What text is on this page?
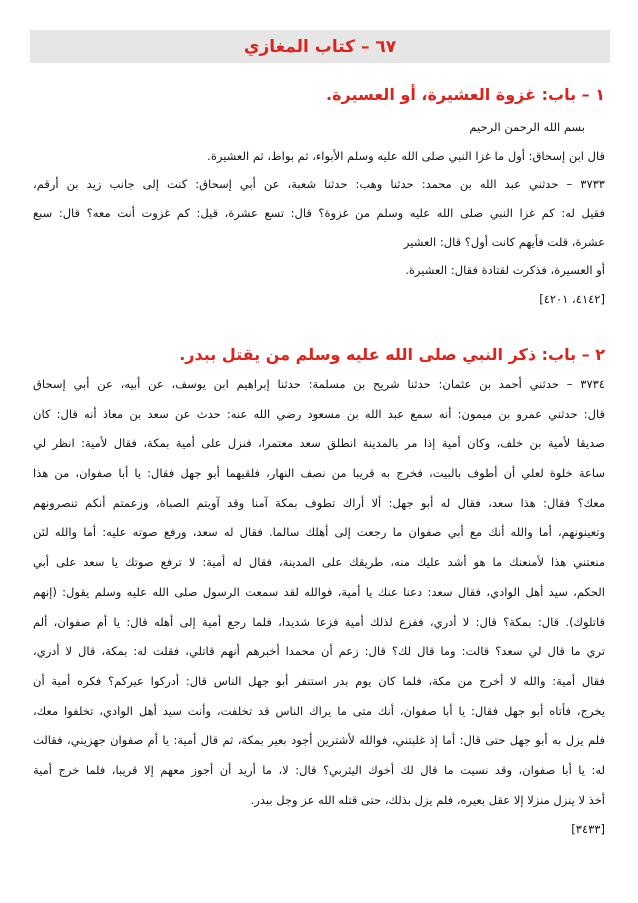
٦٧ – كتاب المغازي
١ – باب: غزوة العشيرة، أو العسيرة.
بسم الله الرحمن الرحيم
قال ابن إسحاق: أول ما غزا النبي صلى الله عليه وسلم الأبواء، ثم بواط، ثم العشيرة.
٣٧٣٣ – حدثني عبد الله بن محمد: حدثنا وهب: حدثنا شعبة، عن أبي إسحاق: كنت إلى جانب زيد بن أرقم،
فقيل له: كم غزا النبي صلى الله عليه وسلم من غزوة؟ قال: تسع عشرة، قيل: كم غزوت أنت معه؟ قال: سبع
عشرة، قلت فأيهم كانت أول؟ قال: العشير
أو العسيرة، فذكرت لقتادة فقال: العشيرة.
[٤١٤٢، ٤٢٠١]
٢ – باب: ذكر النبي صلى الله عليه وسلم من يقتل ببدر.
٣٧٣٤ – حدثني أحمد بن عثمان: حدثنا شريح بن مسلمة: حدثنا إبراهيم ابن يوسف، عن أبيه، عن أبي إسحاق
قال: حدثني عمرو بن ميمون: أنه سمع عبد الله بن مسعود رضي الله عنه: حدث عن سعد بن معاذ أنه قال: كان
صديقا لأمية بن خلف، وكان أمية إذا مر بالمدينة انطلق سعد معتمرا، فنزل على أمية بمكة، فقال لأمية: انظر لي
ساعة خلوة لعلي أن أطوف بالبيت، فخرج به قريبا من نصف النهار، فلقيهما أبو جهل فقال: يا أبا صفوان، من هذا
معك؟ فقال: هذا سعد، فقال له أبو جهل: ألا أراك تطوف بمكة آمنا وقد آويتم الصباة، وزعمتم أنكم تنصرونهم
وتعينونهم، أما والله أنك مع أبي صفوان ما رجعت إلى أهلك سالما. فقال له سعد، ورفع صوته عليه: أما والله لئن
منعتني هذا لأمنعنك ما هو أشد عليك منه، طريقك على المدينة، فقال له أمية: لا ترفع صوتك يا سعد على أبي
الحكم، سيد أهل الوادي، فقال سعد: دعنا عنك يا أمية، فوالله لقد سمعت الرسول صلى الله عليه وسلم يقول: (إنهم
قاتلوك). قال: بمكة؟ قال: لا أدري، ففزع لذلك أمية فزعا شديدا، فلما رجع أمية إلى أهله قال: يا أم صفوان، ألم
تري ما قال لي سعد؟ قالت: وما قال لك؟ قال: زعم أن محمدا أخبرهم أنهم قاتلي، فقلت له: بمكة، قال لا أدري،
فقال أمية: والله لا أخرج من مكة، فلما كان يوم بدر استنفر أبو جهل الناس قال: أدركوا عيركم؟ فكره أمية أن
يخرج، فأتاه أبو جهل فقال: يا أبا صفوان، أنك متى ما يراك الناس قد تخلفت، وأنت سيد أهل الوادي، تخلفوا معك،
فلم يزل به أبو جهل حتى قال: أما إذ غلبتني، فوالله لأشترين أجود بعير بمكة، ثم قال أمية: يا أم صفوان جهزيني، فقالت
له: يا أبا صفوان، وقد نسيت ما قال لك أخوك اليثربي؟ قال: لا، ما أريد أن أجوز معهم إلا قريبا، فلما خرج أمية
أخذ لا ينزل منزلا إلا عقل بعيره، فلم يزل بذلك، حتى قتله الله عز وجل ببدر.
[٣٤٣٣]
